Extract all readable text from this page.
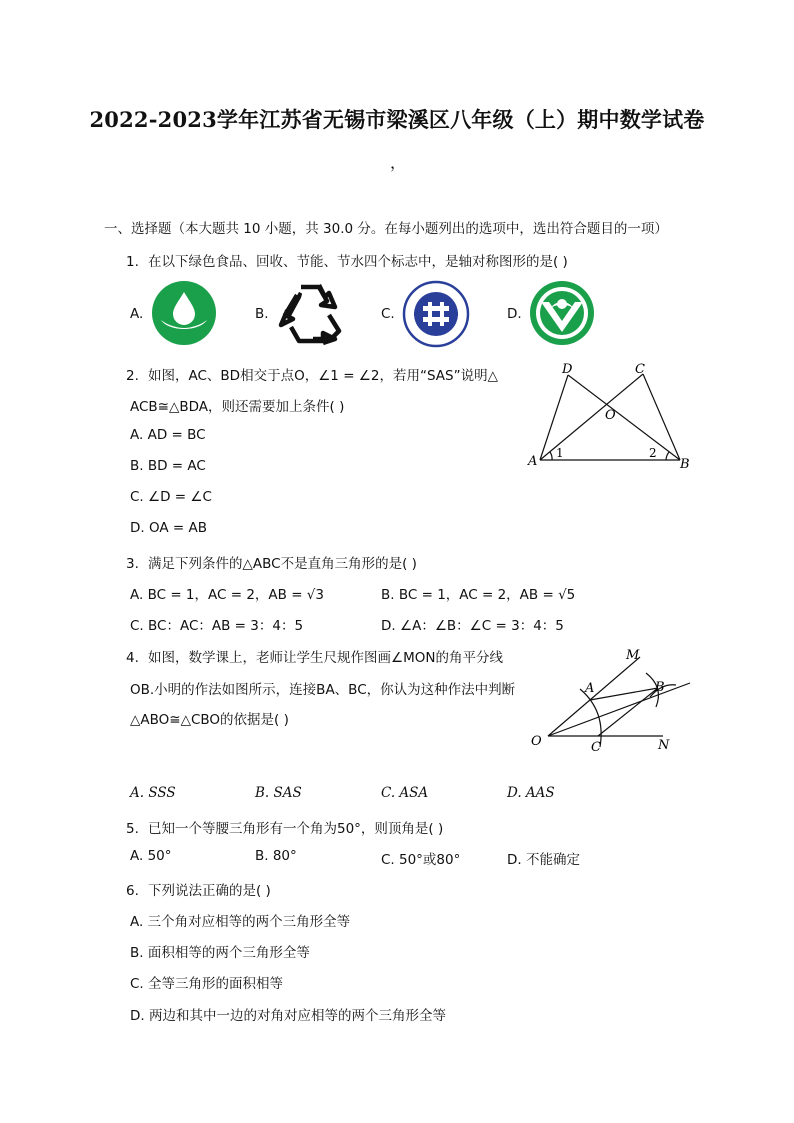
2022-2023学年江苏省无锡市梁溪区八年级（上）期中数学试卷
，
一、选择题（本大题共 10 小题，共 30.0 分。在每小题列出的选项中，选出符合题目的一项）
1. 在以下绿色食品、回收、节能、节水四个标志中，是轴对称图形的是( )
A.	B.	C.	D.
2. 如图，AC、BD相交于点O，∠1 = ∠2，若用“SAS”说明△
ACB≅△BDA，则还需要加上条件( )
A. AD = BC
B. BD = AC
C. ∠D = ∠C
D. OA = AB
D	C
O
A	B
1	2
3. 满足下列条件的△ABC不是直角三角形的是( )
A. BC = 1，AC = 2，AB = √3	B. BC = 1，AC = 2，AB = √5
C. BC：AC：AB = 3：4：5	D. ∠A：∠B：∠C = 3：4：5
4. 如图，数学课上，老师让学生尺规作图画∠MON的角平分线
OB.小明的作法如图所示，连接BA、BC，你认为这种作法中判断
△ABO≅△CBO的依据是( )
M
A	B
O	C	N
A. SSS	B. SAS	C. ASA	D. AAS
5. 已知一个等腰三角形有一个角为50°，则顶角是( )
A. 50°	B. 80°	C. 50°或80°	D. 不能确定
6. 下列说法正确的是( )
A. 三个角对应相等的两个三角形全等
B. 面积相等的两个三角形全等
C. 全等三角形的面积相等
D. 两边和其中一边的对角对应相等的两个三角形全等
